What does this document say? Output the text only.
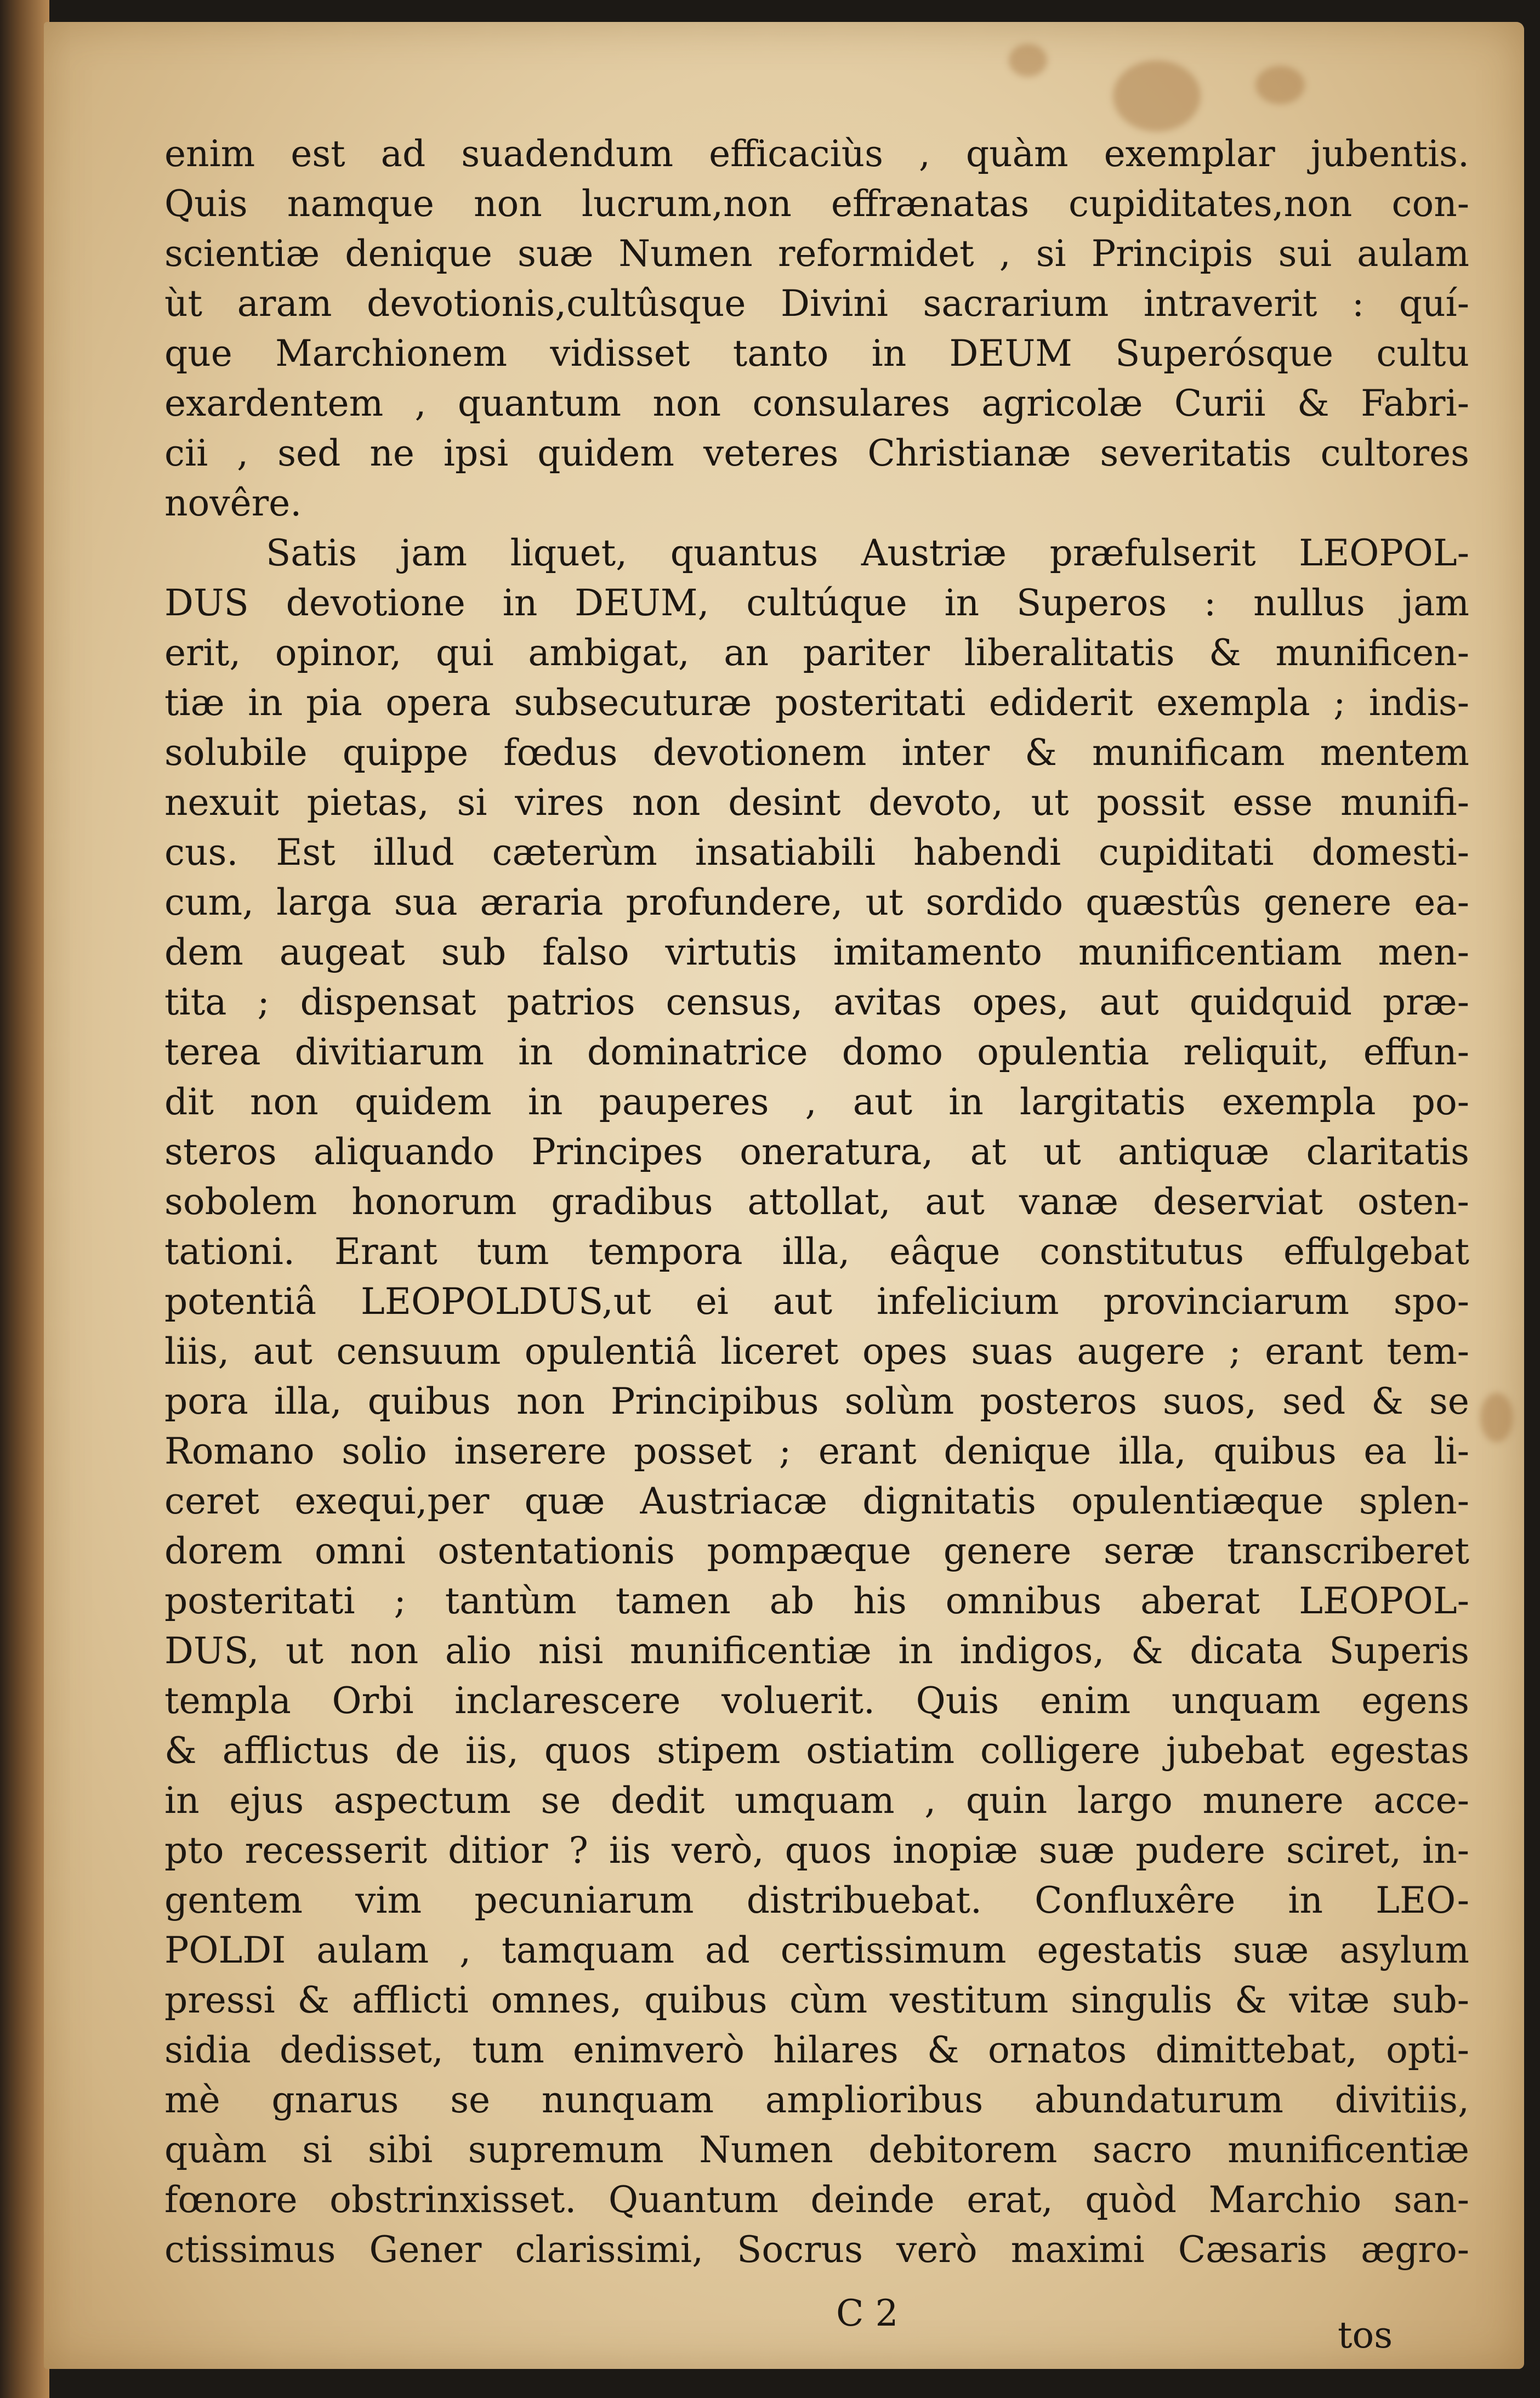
enim est ad suadendum efficaciùs , quàm exemplar jubentis.
Quis namque non lucrum,non effrænatas cupiditates,non con-
scientiæ denique suæ Numen reformidet , si Principis sui aulam
ùt aram devotionis,cultûsque Divini sacrarium intraverit : quí-
que Marchionem vidisset tanto in DEUM Superósque cultu
exardentem , quantum non consulares agricolæ Curii & Fabri-
cii , sed ne ipsi quidem veteres Christianæ severitatis cultores
novêre.
Satis jam liquet, quantus Austriæ præfulserit LEOPOL-
DUS devotione in DEUM, cultúque in Superos : nullus jam
erit, opinor, qui ambigat, an pariter liberalitatis & munificen-
tiæ in pia opera subsecuturæ posteritati ediderit exempla ; indis-
solubile quippe fœdus devotionem inter & munificam mentem
nexuit pietas, si vires non desint devoto, ut possit esse munifi-
cus. Est illud cæterùm insatiabili habendi cupiditati domesti-
cum, larga sua æraria profundere, ut sordido quæstûs genere ea-
dem augeat sub falso virtutis imitamento munificentiam men-
tita ; dispensat patrios census, avitas opes, aut quidquid præ-
terea divitiarum in dominatrice domo opulentia reliquit, effun-
dit non quidem in pauperes , aut in largitatis exempla po-
steros aliquando Principes oneratura, at ut antiquæ claritatis
sobolem honorum gradibus attollat, aut vanæ deserviat osten-
tationi. Erant tum tempora illa, eâque constitutus effulgebat
potentiâ LEOPOLDUS,ut ei aut infelicium provinciarum spo-
liis, aut censuum opulentiâ liceret opes suas augere ; erant tem-
pora illa, quibus non Principibus solùm posteros suos, sed & se
Romano solio inserere posset ; erant denique illa, quibus ea li-
ceret exequi,per quæ Austriacæ dignitatis opulentiæque splen-
dorem omni ostentationis pompæque genere seræ transcriberet
posteritati ; tantùm tamen ab his omnibus aberat LEOPOL-
DUS, ut non alio nisi munificentiæ in indigos, & dicata Superis
templa Orbi inclarescere voluerit. Quis enim unquam egens
& afflictus de iis, quos stipem ostiatim colligere jubebat egestas
in ejus aspectum se dedit umquam , quin largo munere acce-
pto recesserit ditior ? iis verò, quos inopiæ suæ pudere sciret, in-
gentem vim pecuniarum distribuebat. Confluxêre in LEO-
POLDI aulam , tamquam ad certissimum egestatis suæ asylum
pressi & afflicti omnes, quibus cùm vestitum singulis & vitæ sub-
sidia dedisset, tum enimverò hilares & ornatos dimittebat, opti-
mè gnarus se nunquam amplioribus abundaturum divitiis,
quàm si sibi supremum Numen debitorem sacro munificentiæ
fœnore obstrinxisset. Quantum deinde erat, quòd Marchio san-
ctissimus Gener clarissimi, Socrus verò maximi Cæsaris ægro-
C 2
tos
